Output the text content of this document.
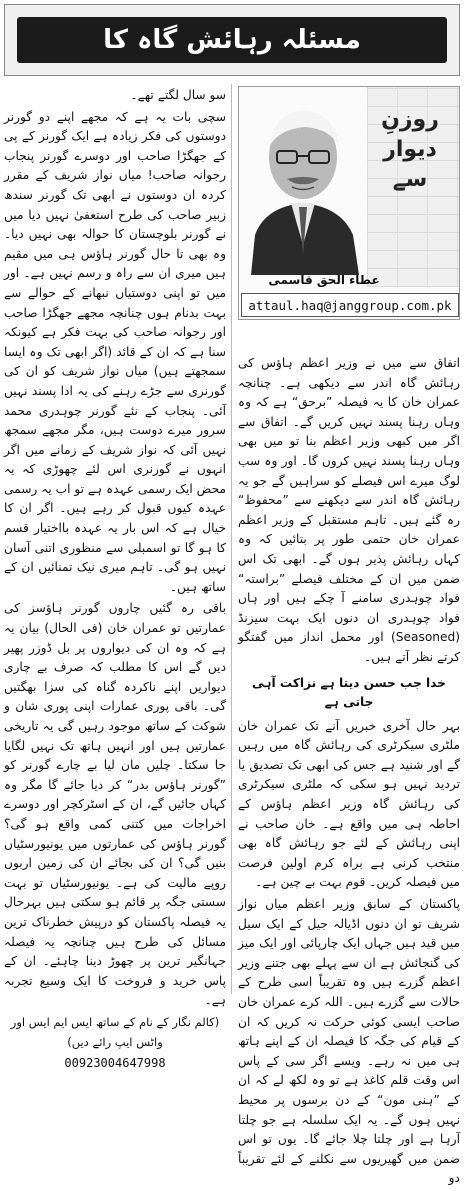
مسئلہ رہائش گاہ کا
روزنِ دیوار سے
عطاء الحق قاسمی
attaul.haq@janggroup.com.pk

اتفاق سے میں نے وزیر اعظم ہاؤس کی رہائش گاہ اندر سے دیکھی ہے۔ چنانچہ عمران خان کا یہ فیصلہ ”برحق“ ہے کہ وہ وہاں رہنا پسند نہیں کریں گے۔ اتفاق سے اگر میں کبھی وزیر اعظم بنا تو میں بھی وہاں رہنا پسند نہیں کروں گا۔ اور وہ سب لوگ میرے اس فیصلے کو سراہیں گے جو یہ رہائش گاہ اندر سے دیکھنے سے ”محفوظ“ رہ گئے ہیں۔ تاہم مستقبل کے وزیر اعظم عمران خان حتمی طور پر بتائیں کہ وہ کہاں رہائش پذیر ہوں گے۔ ابھی تک اس ضمن میں ان کے مختلف فیصلے ”براستہ“ فواد چوہدری سامنے آ چکے ہیں اور ہاں فواد چوہدری ان دنوں ایک بہت سیزنڈ (Seasoned) اور محمل انداز میں گفتگو کرتے نظر آتے ہیں۔

خدا جب حسن دیتا ہے نزاکت آہی جاتی ہے

بہر حال آخری خبریں آنے تک عمران خان ملٹری سیکرٹری کی رہائش گاہ میں رہیں گے اور شنید ہے جس کی ابھی تک تصدیق یا تردید نہیں ہو سکی کہ ملٹری سیکرٹری کی رہائش گاہ وزیر اعظم ہاؤس کے احاطہ ہی میں واقع ہے۔ خان صاحب نے اپنی رہائش کے لئے جو رہائش گاہ بھی منتخب کرنی ہے براہ کرم اولین فرصت میں فیصلہ کریں۔ قوم بہت بے چین ہے۔

پاکستان کے سابق وزیر اعظم میاں نواز شریف تو ان دنوں اڈیالہ جیل کے ایک سیل میں قید ہیں جہاں ایک چارپائی اور ایک میز کی گنجائش ہے ان سے پہلے بھی جتنے وزیر اعظم گزرے ہیں وہ تقریباً اسی طرح کے حالات سے گزرے ہیں۔ اللہ کرے عمران خان صاحب ایسی کوئی حرکت نہ کریں کہ ان کے قیام کی جگہ کا فیصلہ ان کے اپنے ہاتھ ہی میں نہ رہے۔ ویسے اگر سی کے پاس اس وقت قلم کاغذ ہے تو وہ لکھ لے کہ ان کے ”ہنی مون“ کے دن برسوں پر محیط نہیں ہوں گے۔ یہ ایک سلسلہ ہے جو چلتا آرہا ہے اور چلتا چلا جائے گا۔ یوں تو اس ضمن میں گھیریوں سے نکلنے کے لئے تقریباً دو

سو سال لگتے تھے۔

سچی بات یہ ہے کہ مجھے اپنے دو گورنر دوستوں کی فکر زیادہ ہے ایک گورنر کے پی کے جھگڑا صاحب اور دوسرے گورنر پنجاب رجوانہ صاحب! میاں نواز شریف کے مقرر کردہ ان دوستوں نے ابھی تک گورنر سندھ زبیر صاحب کی طرح استعفیٰ نہیں دیا میں نے گورنر بلوچستان کا حوالہ بھی نہیں دیا۔ وہ بھی تا حال گورنر ہاؤس ہی میں مقیم ہیں میری ان سے راہ و رسم نہیں ہے۔ اور میں تو اپنی دوستیاں نبھانے کے حوالے سے بہت بدنام ہوں چنانچہ مجھے جھگڑا صاحب اور رجوانہ صاحب کی بہت فکر ہے کیونکہ سنا ہے کہ ان کے قائد (اگر ابھی تک وہ ایسا سمجھتے ہیں) میاں نواز شریف کو ان کی گورنری سے جڑے رہنے کی یہ ادا پسند نہیں آئی۔ پنجاب کے نئے گورنر چوہدری محمد سرور میرے دوست ہیں، مگر مجھے سمجھ نہیں آئی کہ نواز شریف کے زمانے میں اگر انہوں نے گورنری اس لئے چھوڑی کہ یہ محض ایک رسمی عہدہ ہے تو اب یہ رسمی عہدہ کیوں قبول کر رہے ہیں۔ اگر ان کا خیال ہے کہ اس بار یہ عہدہ بااختیار قسم کا ہو گا تو اسمبلی سے منظوری اتنی آسان نہیں ہو گی۔ تاہم میری نیک تمنائیں ان کے ساتھ ہیں۔

باقی رہ گئیں چاروں گورنر ہاؤسز کی عمارتیں تو عمران خان (فی الحال) بیان یہ ہے کہ وہ ان کی دیواروں پر بل ڈوزر پھیر دیں گے اس کا مطلب کہ صرف بے چاری دیواریں اپنے ناکردہ گناہ کی سزا بھگتیں گی۔ باقی پوری عمارات اپنی پوری شان و شوکت کے ساتھ موجود رہیں گی یہ تاریخی عمارتیں ہیں اور انہیں ہاتھ تک نہیں لگایا جا سکتا۔ چلیں مان لیا بے چارے گورنر کو ”گورنر ہاؤس بدر“ کر دیا جائے گا مگر وہ کہاں جائیں گے، ان کے اسٹرکچر اور دوسرے اخراجات میں کتنی کمی واقع ہو گی؟ گورنر ہاؤس کی عمارتوں میں یونیورسٹیاں بنیں گی؟ ان کی بجائے ان کی زمین اربوں روپے مالیت کی ہے۔ یونیورسٹیاں تو بہت سستی جگہ پر قائم ہو سکتی ہیں بہرحال یہ فیصلہ پاکستان کو درپیش خطرناک ترین مسائل کی طرح ہیں چنانچہ یہ فیصلہ جہانگیر ترین پر چھوڑ دینا چاہئے۔ ان کے پاس خرید و فروخت کا ایک وسیع تجربہ ہے۔

(کالم نگار کے نام کے ساتھ ایس ایم ایس اور واٹس ایپ رائے دیں)

00923004647998
